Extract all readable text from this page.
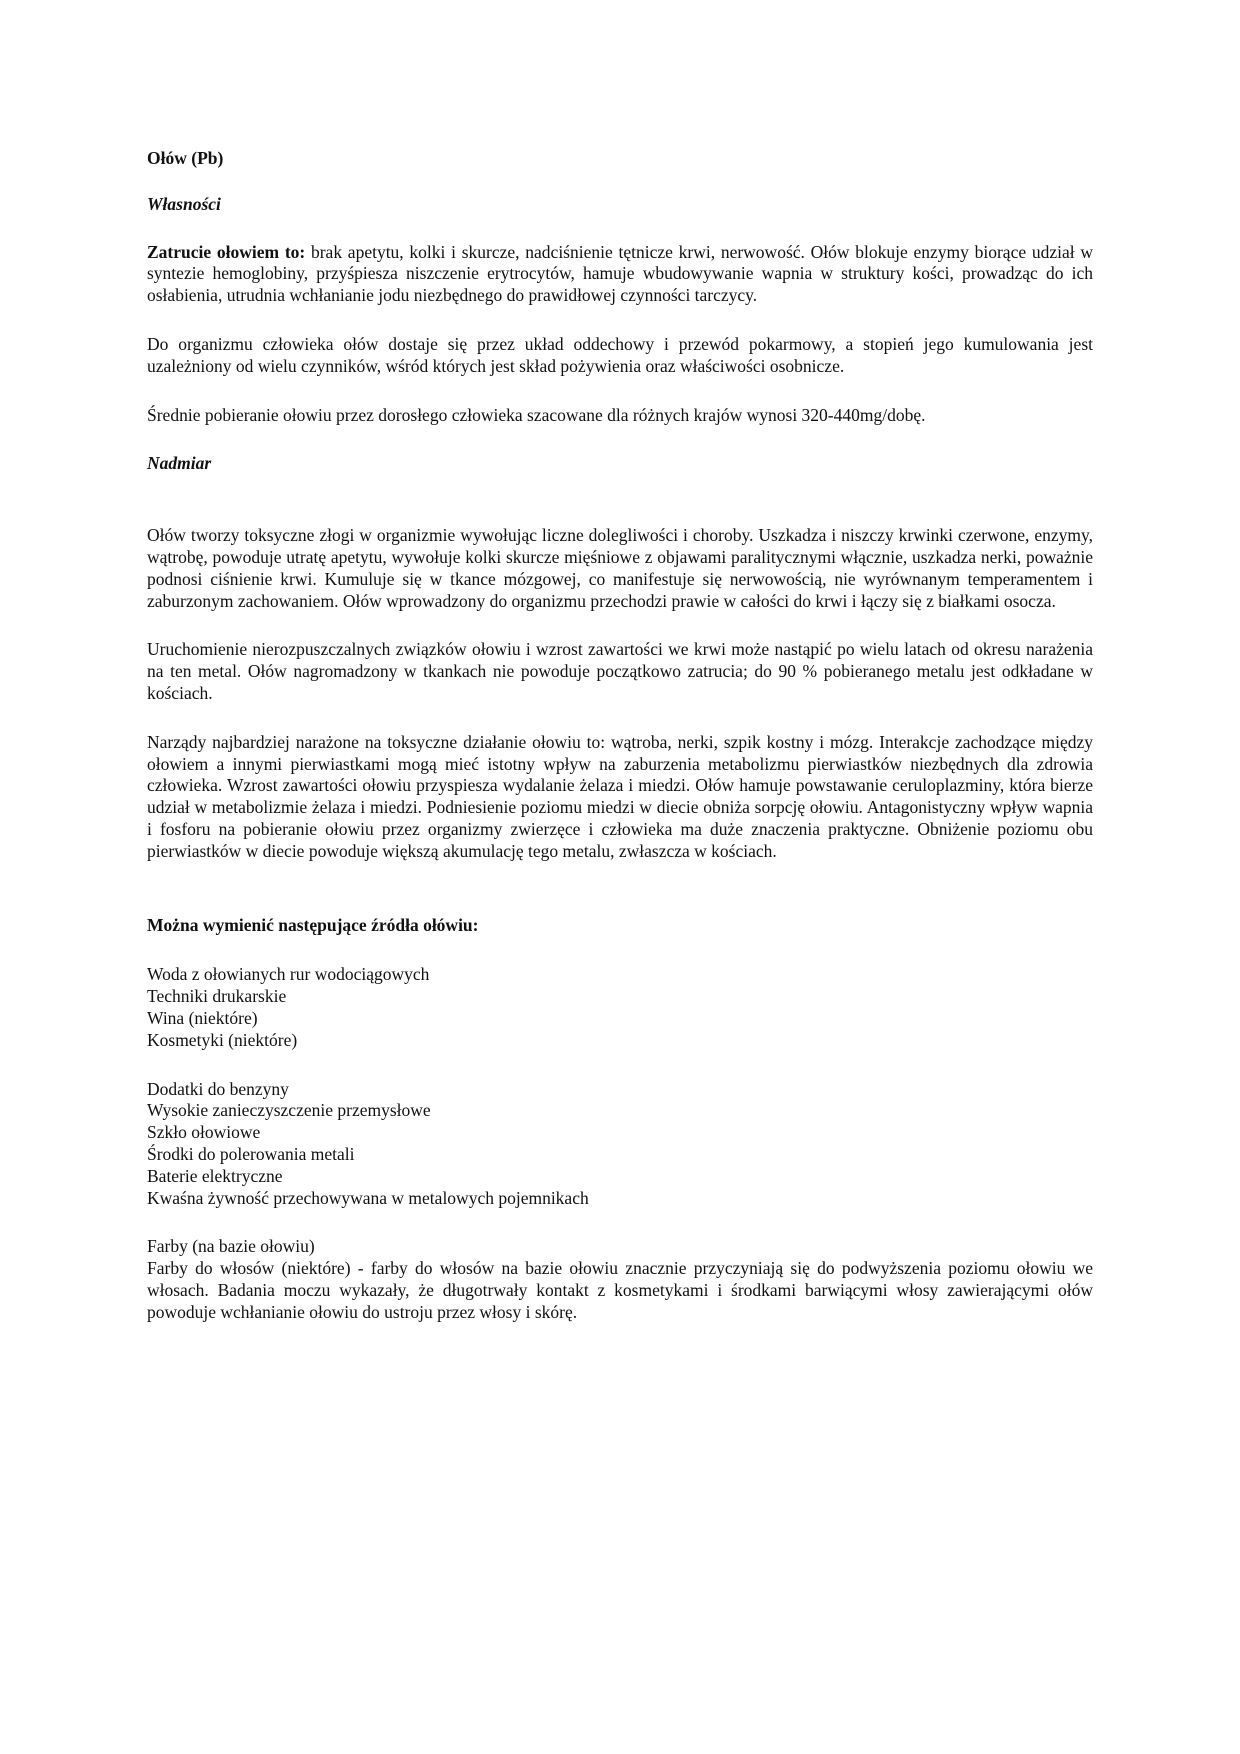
Ołów (Pb)
Własności

Zatrucie ołowiem to: brak apetytu, kolki i skurcze, nadciśnienie tętnicze krwi, nerwowość. Ołów blokuje enzymy biorące udział w syntezie hemoglobiny, przyśpiesza niszczenie erytrocytów, hamuje wbudowywanie wapnia w struktury kości, prowadząc do ich osłabienia, utrudnia wchłanianie jodu niezbędnego do prawidłowej czynności tarczycy.

Do organizmu człowieka ołów dostaje się przez układ oddechowy i przewód pokarmowy, a stopień jego kumulowania jest uzależniony od wielu czynników, wśród których jest skład pożywienia oraz właściwości osobnicze.

Średnie pobieranie ołowiu przez dorosłego człowieka szacowane dla różnych krajów wynosi 320-440mg/dobę.

Nadmiar

Ołów tworzy toksyczne złogi w organizmie wywołując liczne dolegliwości i choroby. Uszkadza i niszczy krwinki czerwone, enzymy, wątrobę, powoduje utratę apetytu, wywołuje kolki skurcze mięśniowe z objawami paralitycznymi włącznie, uszkadza nerki, poważnie podnosi ciśnienie krwi. Kumuluje się w tkance mózgowej, co manifestuje się nerwowością, nie wyrównanym temperamentem i zaburzonym zachowaniem. Ołów wprowadzony do organizmu przechodzi prawie w całości do krwi i łączy się z białkami osocza.

Uruchomienie nierozpuszczalnych związków ołowiu i wzrost zawartości we krwi może nastąpić po wielu latach od okresu narażenia na ten metal. Ołów nagromadzony w tkankach nie powoduje początkowo zatrucia; do 90 % pobieranego metalu jest odkładane w kościach.

Narządy najbardziej narażone na toksyczne działanie ołowiu to: wątroba, nerki, szpik kostny i mózg. Interakcje zachodzące między ołowiem a innymi pierwiastkami mogą mieć istotny wpływ na zaburzenia metabolizmu pierwiastków niezbędnych dla zdrowia człowieka. Wzrost zawartości ołowiu przyspiesza wydalanie żelaza i miedzi. Ołów hamuje powstawanie ceruloplazminy, która bierze udział w metabolizmie żelaza i miedzi. Podniesienie poziomu miedzi w diecie obniża sorpcję ołowiu. Antagonistyczny wpływ wapnia i fosforu na pobieranie ołowiu przez organizmy zwierzęce i człowieka ma duże znaczenia praktyczne. Obniżenie poziomu obu pierwiastków w diecie powoduje większą akumulację tego metalu, zwłaszcza w kościach.

Można wymienić następujące źródła ołówiu:
Woda z ołowianych rur wodociągowych
Techniki drukarskie
Wina (niektóre)
Kosmetyki (niektóre)
Dodatki do benzyny
Wysokie zanieczyszczenie przemysłowe
Szkło ołowiowe
Środki do polerowania metali
Baterie elektryczne
Kwaśna żywność przechowywana w metalowych pojemnikach
Farby (na bazie ołowiu)
Farby do włosów (niektóre) - farby do włosów na bazie ołowiu znacznie przyczyniają się do podwyższenia poziomu ołowiu we włosach. Badania moczu wykazały, że długotrwały kontakt z kosmetykami i środkami barwiącymi włosy zawierającymi ołów powoduje wchłanianie ołowiu do ustroju przez włosy i skórę.
